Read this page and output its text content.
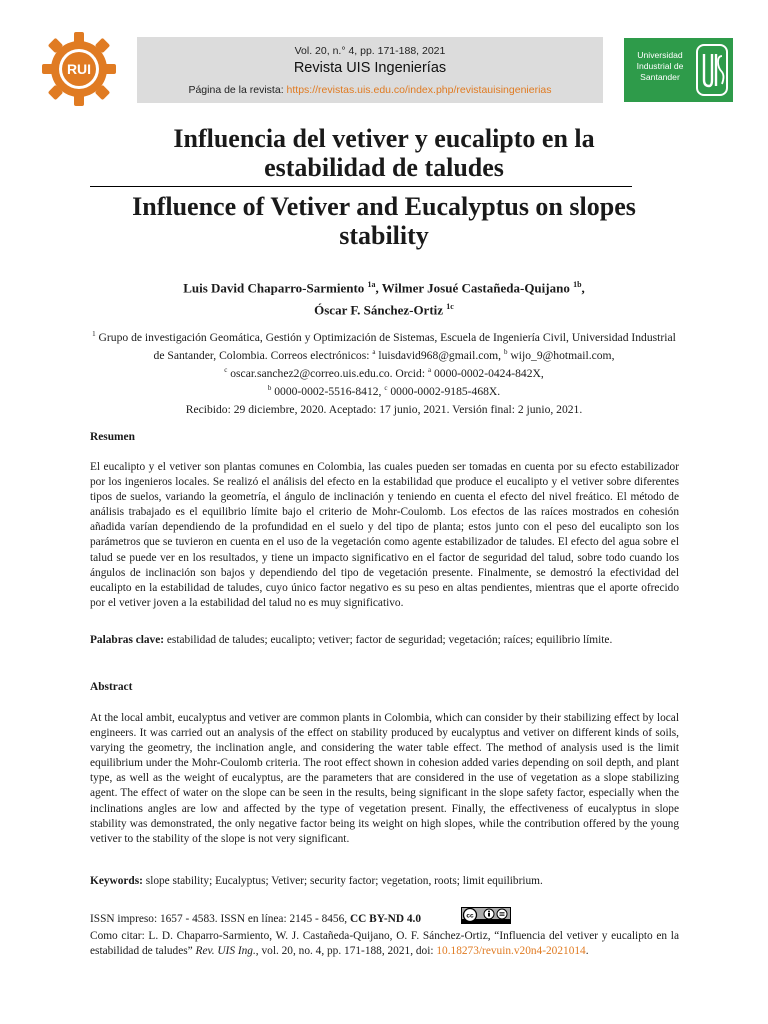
RUI
Vol. 20, n.° 4, pp. 171-188, 2021
Revista UIS Ingenierías
Página de la revista: https://revistas.uis.edu.co/index.php/revistauisingenierias
Universidad
Industrial de
Santander
Influencia del vetiver y eucalipto en la
estabilidad de taludes
Influence of Vetiver and Eucalyptus on slopes
stability
Luis David Chaparro-Sarmiento $^{1a}$, Wilmer Josué Castañeda-Quijano $^{1b}$,
Óscar F. Sánchez-Ortiz $^{1c}$
$^1$ Grupo de investigación Geomática, Gestión y Optimización de Sistemas, Escuela de Ingeniería Civil, Universidad Industrial de Santander, Colombia. Correos electrónicos: $^a$ luisdavid968@gmail.com, $^b$ wijo_9@hotmail.com, $^c$ oscar.sanchez2@correo.uis.edu.co. Orcid: $^a$ 0000-0002-0424-842X,
$^b$ 0000-0002-5516-8412, $^c$ 0000-0002-9185-468X.
Recibido: 29 diciembre, 2020. Aceptado: 17 junio, 2021. Versión final: 2 junio, 2021.
Resumen
El eucalipto y el vetiver son plantas comunes en Colombia, las cuales pueden ser tomadas en cuenta por su efecto estabilizador por los ingenieros locales. Se realizó el análisis del efecto en la estabilidad que produce el eucalipto y el vetiver sobre diferentes tipos de suelos, variando la geometría, el ángulo de inclinación y teniendo en cuenta el efecto del nivel freático. El método de análisis trabajado es el equilibrio límite bajo el criterio de Mohr-Coulomb. Los efectos de las raíces mostrados en cohesión añadida varían dependiendo de la profundidad en el suelo y del tipo de planta; estos junto con el peso del eucalipto son los parámetros que se tuvieron en cuenta en el uso de la vegetación como agente estabilizador de taludes. El efecto del agua sobre el talud se puede ver en los resultados, y tiene un impacto significativo en el factor de seguridad del talud, sobre todo cuando los ángulos de inclinación son bajos y dependiendo del tipo de vegetación presente. Finalmente, se demostró la efectividad del eucalipto en la estabilidad de taludes, cuyo único factor negativo es su peso en altas pendientes, mientras que el aporte ofrecido por el vetiver joven a la estabilidad del talud no es muy significativo.
Palabras clave: estabilidad de taludes; eucalipto; vetiver; factor de seguridad; vegetación; raíces; equilibrio límite.
Abstract
At the local ambit, eucalyptus and vetiver are common plants in Colombia, which can consider by their stabilizing effect by local engineers. It was carried out an analysis of the effect on stability produced by eucalyptus and vetiver on different kinds of soils, varying the geometry, the inclination angle, and considering the water table effect. The method of analysis used is the limit equilibrium under the Mohr-Coulomb criteria. The root effect shown in cohesion added varies depending on soil depth, and plant type, as well as the weight of eucalyptus, are the parameters that are considered in the use of vegetation as a slope stabilizing agent. The effect of water on the slope can be seen in the results, being significant in the slope safety factor, especially when the inclinations angles are low and affected by the type of vegetation present. Finally, the effectiveness of eucalyptus in slope stability was demonstrated, the only negative factor being its weight on high slopes, while the contribution offered by the young vetiver to the stability of the slope is not very significant.
Keywords: slope stability; Eucalyptus; Vetiver; security factor; vegetation, roots; limit equilibrium.
ISSN impreso: 1657 - 4583. ISSN en línea: 2145 - 8456, CC BY-ND 4.0	cc
Como citar: L. D. Chaparro-Sarmiento, W. J. Castañeda-Quijano, O. F. Sánchez-Ortiz, “Influencia del vetiver y eucalipto en la estabilidad de taludes” Rev. UIS Ing., vol. 20, no. 4, pp. 171-188, 2021, doi: 10.18273/revuin.v20n4-2021014.
